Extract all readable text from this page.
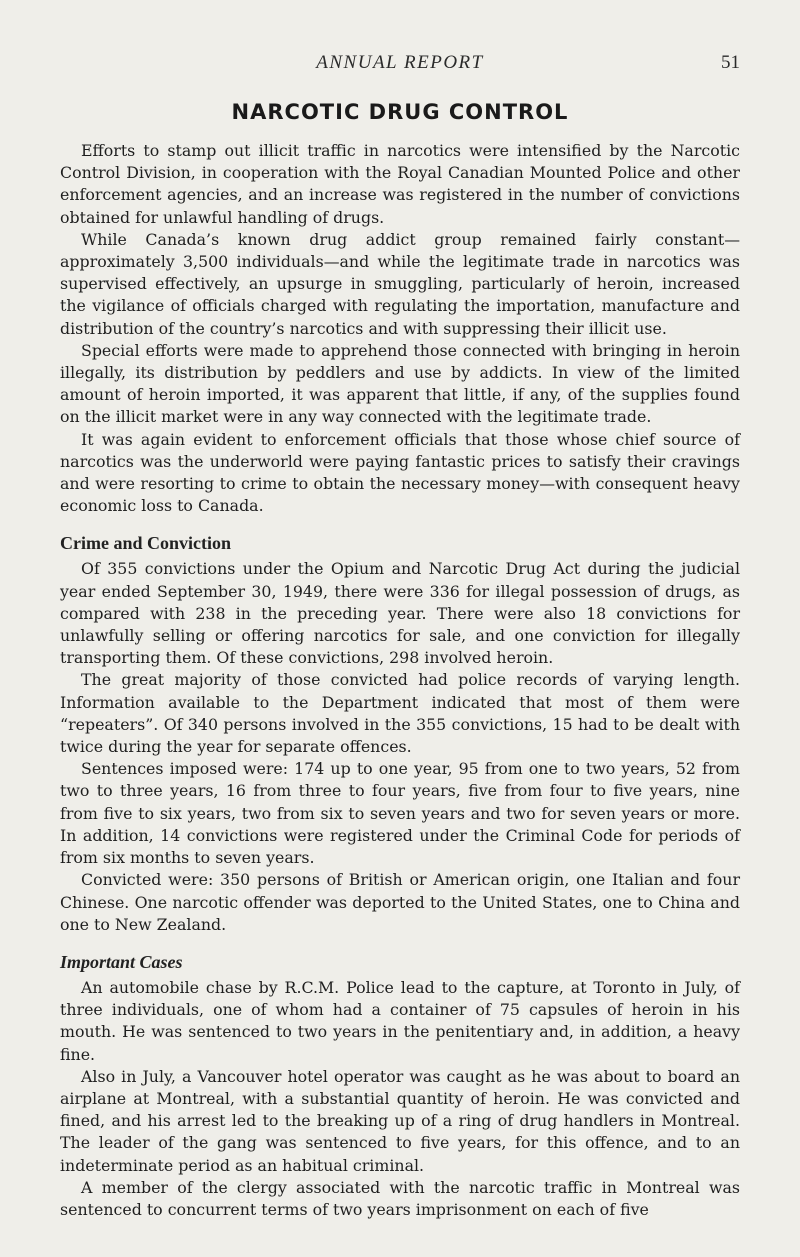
ANNUAL REPORT	51
NARCOTIC DRUG CONTROL

Efforts to stamp out illicit traffic in narcotics were intensified by the Narcotic Control Division, in cooperation with the Royal Canadian Mounted Police and other enforcement agencies, and an increase was registered in the number of convictions obtained for unlawful handling of drugs.

While Canada’s known drug addict group remained fairly constant— approximately 3,500 individuals—and while the legitimate trade in narcotics was supervised effectively, an upsurge in smuggling, particularly of heroin, increased the vigilance of officials charged with regulating the importation, manufacture and distribution of the country’s narcotics and with suppressing their illicit use.

Special efforts were made to apprehend those connected with bringing in heroin illegally, its distribution by peddlers and use by addicts. In view of the limited amount of heroin imported, it was apparent that little, if any, of the supplies found on the illicit market were in any way connected with the legitimate trade.

It was again evident to enforcement officials that those whose chief source of narcotics was the underworld were paying fantastic prices to satisfy their cravings and were resorting to crime to obtain the necessary money—with consequent heavy economic loss to Canada.

Crime and Conviction

Of 355 convictions under the Opium and Narcotic Drug Act during the judicial year ended September 30, 1949, there were 336 for illegal possession of drugs, as compared with 238 in the preceding year. There were also 18 convictions for unlawfully selling or offering narcotics for sale, and one conviction for illegally transporting them. Of these convictions, 298 involved heroin.

The great majority of those convicted had police records of varying length. Information available to the Department indicated that most of them were “repeaters”. Of 340 persons involved in the 355 convictions, 15 had to be dealt with twice during the year for separate offences.

Sentences imposed were: 174 up to one year, 95 from one to two years, 52 from two to three years, 16 from three to four years, five from four to five years, nine from five to six years, two from six to seven years and two for seven years or more. In addition, 14 convictions were registered under the Criminal Code for periods of from six months to seven years.

Convicted were: 350 persons of British or American origin, one Italian and four Chinese. One narcotic offender was deported to the United States, one to China and one to New Zealand.

Important Cases

An automobile chase by R.C.M. Police lead to the capture, at Toronto in July, of three individuals, one of whom had a container of 75 capsules of heroin in his mouth. He was sentenced to two years in the penitentiary and, in addition, a heavy fine.

Also in July, a Vancouver hotel operator was caught as he was about to board an airplane at Montreal, with a substantial quantity of heroin. He was convicted and fined, and his arrest led to the breaking up of a ring of drug handlers in Montreal. The leader of the gang was sentenced to five years, for this offence, and to an indeterminate period as an habitual criminal.

A member of the clergy associated with the narcotic traffic in Montreal was sentenced to concurrent terms of two years imprisonment on each of five
